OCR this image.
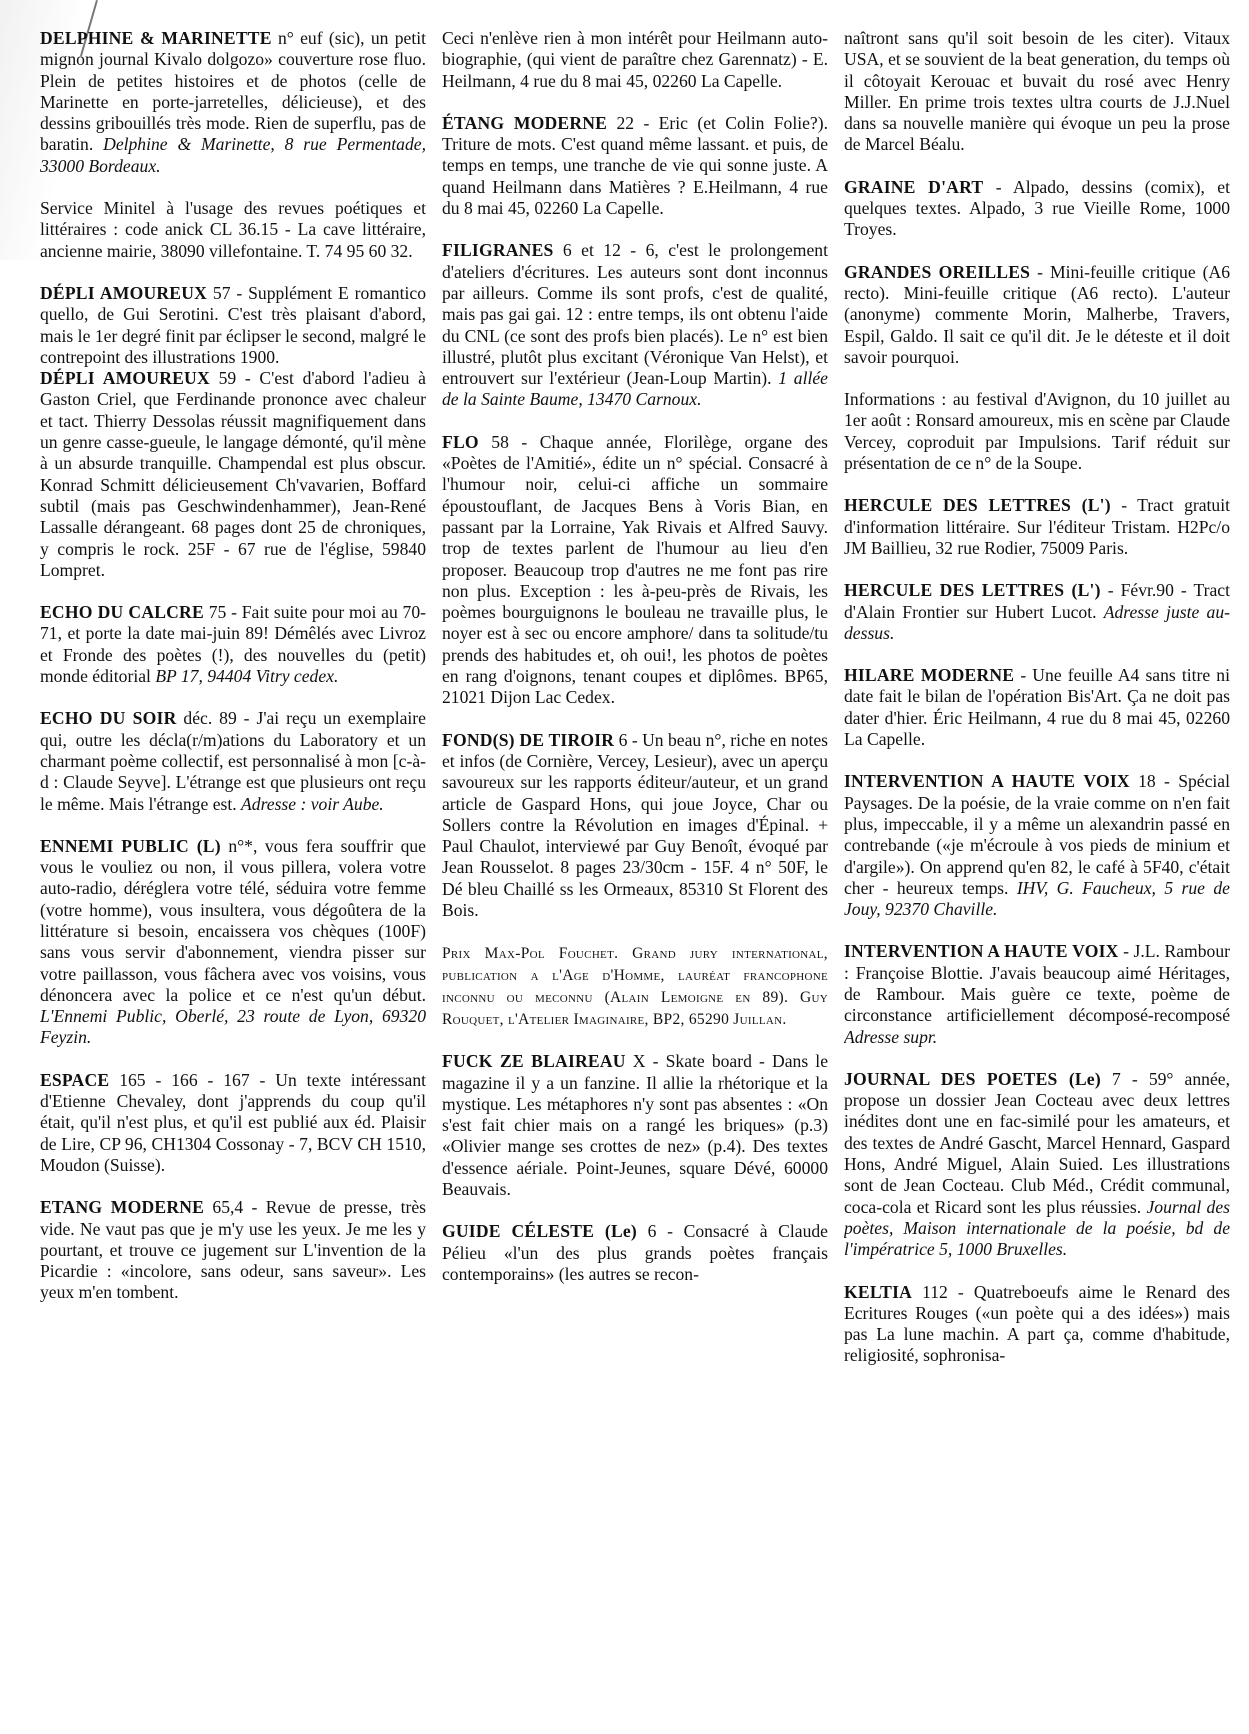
DELPHINE & MARINETTE n° euf (sic), un petit mignon journal Kivalo dolgozo» couverture rose fluo. Plein de petites histoires et de photos (celle de Marinette en porte-jarretelles, délicieuse), et des dessins gribouillés très mode. Rien de superflu, pas de baratin. Delphine & Marinette, 8 rue Permentade, 33000 Bordeaux.

Service Minitel à l'usage des revues poétiques et littéraires : code anick CL 36.15 - La cave littéraire, ancienne mairie, 38090 villefontaine. T. 74 95 60 32.

DÉPLI AMOUREUX 57 - Supplément E romantico quello, de Gui Serotini. C'est très plaisant d'abord, mais le 1er degré finit par éclipser le second, malgré le contrepoint des illustrations 1900.

DÉPLI AMOUREUX 59 - C'est d'abord l'adieu à Gaston Criel, que Ferdinande prononce avec chaleur et tact. Thierry Dessolas réussit magnifiquement dans un genre casse-gueule, le langage démonté, qu'il mène à un absurde tranquille. Champendal est plus obscur. Konrad Schmitt délicieusement Ch'vavarien, Boffard subtil (mais pas Geschwindenhammer), Jean-René Lassalle dérangeant. 68 pages dont 25 de chroniques, y compris le rock. 25F - 67 rue de l'église, 59840 Lompret.

ECHO DU CALCRE 75 - Fait suite pour moi au 70-71, et porte la date mai-juin 89! Démêlés avec Livroz et Fronde des poètes (!), des nouvelles du (petit) monde éditorial BP 17, 94404 Vitry cedex.

ECHO DU SOIR déc. 89 - J'ai reçu un exemplaire qui, outre les décla(r/m)ations du Laboratory et un charmant poème collectif, est personnalisé à mon [c-à-d : Claude Seyve]. L'étrange est que plusieurs ont reçu le même. Mais l'étrange est. Adresse : voir Aube.

ENNEMI PUBLIC (L) n°*, vous fera souffrir que vous le vouliez ou non, il vous pillera, volera votre auto-radio, déréglera votre télé, séduira votre femme (votre homme), vous insultera, vous dégoûtera de la littérature si besoin, encaissera vos chèques (100F) sans vous servir d'abonnement, viendra pisser sur votre paillasson, vous fâchera avec vos voisins, vous dénoncera avec la police et ce n'est qu'un début. L'Ennemi Public, Oberlé, 23 route de Lyon, 69320 Feyzin.

ESPACE 165 - 166 - 167 - Un texte intéressant d'Etienne Chevaley, dont j'apprends du coup qu'il était, qu'il n'est plus, et qu'il est publié aux éd. Plaisir de Lire, CP 96, CH1304 Cossonay - 7, BCV CH 1510, Moudon (Suisse).

ETANG MODERNE 65,4 - Revue de presse, très vide. Ne vaut pas que je m'y use les yeux. Je me les y pourtant, et trouve ce jugement sur L'invention de la Picardie : «incolore, sans odeur, sans saveur». Les yeux m'en tombent.

Ceci n'enlève rien à mon intérêt pour Heilmann auto-biographie, (qui vient de paraître chez Garennatz) - E. Heilmann, 4 rue du 8 mai 45, 02260 La Capelle.

ÉTANG MODERNE 22 - Eric (et Colin Folie?). Triture de mots. C'est quand même lassant. et puis, de temps en temps, une tranche de vie qui sonne juste. A quand Heilmann dans Matières ? E.Heilmann, 4 rue du 8 mai 45, 02260 La Capelle.

FILIGRANES 6 et 12 - 6, c'est le prolongement d'ateliers d'écritures. Les auteurs sont dont inconnus par ailleurs. Comme ils sont profs, c'est de qualité, mais pas gai gai. 12 : entre temps, ils ont obtenu l'aide du CNL (ce sont des profs bien placés). Le n° est bien illustré, plutôt plus excitant (Véronique Van Helst), et entrouvert sur l'extérieur (Jean-Loup Martin). 1 allée de la Sainte Baume, 13470 Carnoux.

FLO 58 - Chaque année, Florilège, organe des «Poètes de l'Amitié», édite un n° spécial. Consacré à l'humour noir, celui-ci affiche un sommaire époustouflant, de Jacques Bens à Voris Bian, en passant par la Lorraine, Yak Rivais et Alfred Sauvy. trop de textes parlent de l'humour au lieu d'en proposer. Beaucoup trop d'autres ne me font pas rire non plus. Exception : les à-peu-près de Rivais, les poèmes bourguignons le bouleau ne travaille plus, le noyer est à sec ou encore amphore/ dans ta solitude/tu prends des habitudes et, oh oui!, les photos de poètes en rang d'oignons, tenant coupes et diplômes. BP65, 21021 Dijon Lac Cedex.

FOND(S) DE TIROIR 6 - Un beau n°, riche en notes et infos (de Cornière, Vercey, Lesieur), avec un aperçu savoureux sur les rapports éditeur/auteur, et un grand article de Gaspard Hons, qui joue Joyce, Char ou Sollers contre la Révolution en images d'Épinal. + Paul Chaulot, interviewé par Guy Benoît, évoqué par Jean Rousselot. 8 pages 23/30cm - 15F. 4 n° 50F, le Dé bleu Chaillé ss les Ormeaux, 85310 St Florent des Bois.

Prix Max-Pol Fouchet. Grand jury international, publication a l'Age d'Homme, lauréat francophone inconnu ou meconnu (Alain Lemoigne en 89). Guy Rouquet, l'Atelier Imaginaire, BP2, 65290 Juillan.

FUCK ZE BLAIREAU X - Skate board - Dans le magazine il y a un fanzine. Il allie la rhétorique et la mystique. Les métaphores n'y sont pas absentes : «On s'est fait chier mais on a rangé les briques» (p.3) «Olivier mange ses crottes de nez» (p.4). Des textes d'essence aériale. Point-Jeunes, square Dévé, 60000 Beauvais.

GUIDE CÉLESTE (Le) 6 - Consacré à Claude Pélieu «l'un des plus grands poètes français contemporains» (les autres se recon-

naîtront sans qu'il soit besoin de les citer). Vitaux USA, et se souvient de la beat generation, du temps où il côtoyait Kerouac et buvait du rosé avec Henry Miller. En prime trois textes ultra courts de J.J.Nuel dans sa nouvelle manière qui évoque un peu la prose de Marcel Béalu.

GRAINE D'ART - Alpado, dessins (comix), et quelques textes. Alpado, 3 rue Vieille Rome, 1000 Troyes.

GRANDES OREILLES - Mini-feuille critique (A6 recto). Mini-feuille critique (A6 recto). L'auteur (anonyme) commente Morin, Malherbe, Travers, Espil, Galdo. Il sait ce qu'il dit. Je le déteste et il doit savoir pourquoi.

Informations : au festival d'Avignon, du 10 juillet au 1er août : Ronsard amoureux, mis en scène par Claude Vercey, coproduit par Impulsions. Tarif réduit sur présentation de ce n° de la Soupe.

HERCULE DES LETTRES (L') - Tract gratuit d'information littéraire. Sur l'éditeur Tristam. H2Pc/o JM Baillieu, 32 rue Rodier, 75009 Paris.

HERCULE DES LETTRES (L') - Févr.90 - Tract d'Alain Frontier sur Hubert Lucot. Adresse juste au-dessus.

HILARE MODERNE - Une feuille A4 sans titre ni date fait le bilan de l'opération Bis'Art. Ça ne doit pas dater d'hier. Éric Heilmann, 4 rue du 8 mai 45, 02260 La Capelle.

INTERVENTION A HAUTE VOIX 18 - Spécial Paysages. De la poésie, de la vraie comme on n'en fait plus, impeccable, il y a même un alexandrin passé en contrebande («je m'écroule à vos pieds de minium et d'argile»). On apprend qu'en 82, le café à 5F40, c'était cher - heureux temps. IHV, G. Faucheux, 5 rue de Jouy, 92370 Chaville.

INTERVENTION A HAUTE VOIX - J.L. Rambour : Françoise Blottie. J'avais beaucoup aimé Héritages, de Rambour. Mais guère ce texte, poème de circonstance artificiellement décomposé-recomposé Adresse supr.

JOURNAL DES POETES (Le) 7 - 59° année, propose un dossier Jean Cocteau avec deux lettres inédites dont une en fac-similé pour les amateurs, et des textes de André Gascht, Marcel Hennard, Gaspard Hons, André Miguel, Alain Suied. Les illustrations sont de Jean Cocteau. Club Méd., Crédit communal, coca-cola et Ricard sont les plus réussies. Journal des poètes, Maison internationale de la poésie, bd de l'impératrice 5, 1000 Bruxelles.

KELTIA 112 - Quatreboeufs aime le Renard des Ecritures Rouges («un poète qui a des idées») mais pas La lune machin. A part ça, comme d'habitude, religiosité, sophronisa-
